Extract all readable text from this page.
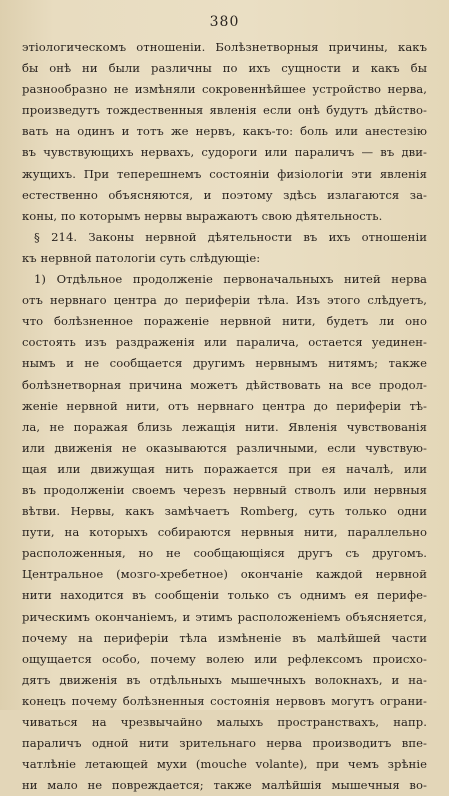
380
этіологическомъ отношеніи. Болѣзнетворныя причины, какъ
бы онѣ ни были различны по ихъ сущности и какъ бы
разнообразно не измѣняли сокровеннѣйшее устройство нерва,
произведутъ тождественныя явленія если онѣ будутъ дѣйство-
вать на одинъ и тотъ же нервъ, какъ-то: боль или анестезію
въ чувствующихъ нервахъ, судороги или параличъ — въ дви-
жущихъ. При теперешнемъ состояніи физіологіи эти явленія
естественно объясняются, и поэтому здѣсь излагаются за-
коны, по которымъ нервы выражаютъ свою дѣятельность.
§ 214. Законы нервной дѣятельности въ ихъ отношеніи
къ нервной патологіи суть слѣдующіе:
1) Отдѣльное продолженіе первоначальныхъ нитей нерва
отъ нервнаго центра до периферіи тѣла. Изъ этого слѣдуетъ,
что болѣзненное пораженіе нервной нити, будетъ ли оно
состоять изъ раздраженія или паралича, остается уединен-
нымъ и не сообщается другимъ нервнымъ нитямъ; также
болѣзнетворная причина можетъ дѣйствовать на все продол-
женіе нервной нити, отъ нервнаго центра до периферіи тѣ-
ла, не поражая близь лежащія нити. Явленія чувствованія
или движенія не оказываются различными, если чувствую-
щая или движущая нить поражается при ея началѣ, или
въ продолженіи своемъ черезъ нервный стволъ или нервныя
вѣтви. Нервы, какъ замѣчаетъ Romberg, суть только одни
пути, на которыхъ собираются нервныя нити, параллельно
расположенныя, но не сообщающіяся другъ съ другомъ.
Центральное (мозго-хребетное) окончаніе каждой нервной
нити находится въ сообщеніи только съ однимъ ея перифе-
рическимъ окончаніемъ, и этимъ расположеніемъ объясняется,
почему на периферіи тѣла измѣненіе въ малѣйшей части
ощущается особо, почему волею или рефлексомъ происхо-
дятъ движенія въ отдѣльныхъ мышечныхъ волокнахъ, и на-
конецъ почему болѣзненныя состоянія нервовъ могутъ ограни-
чиваться на чрезвычайно малыхъ пространствахъ, напр.
параличъ одной нити зрительнаго нерва производитъ впе-
чатлѣніе летающей мухи (mouche volante), при чемъ зрѣніе
ни мало не повреждается; также малѣйшія мышечныя во-
